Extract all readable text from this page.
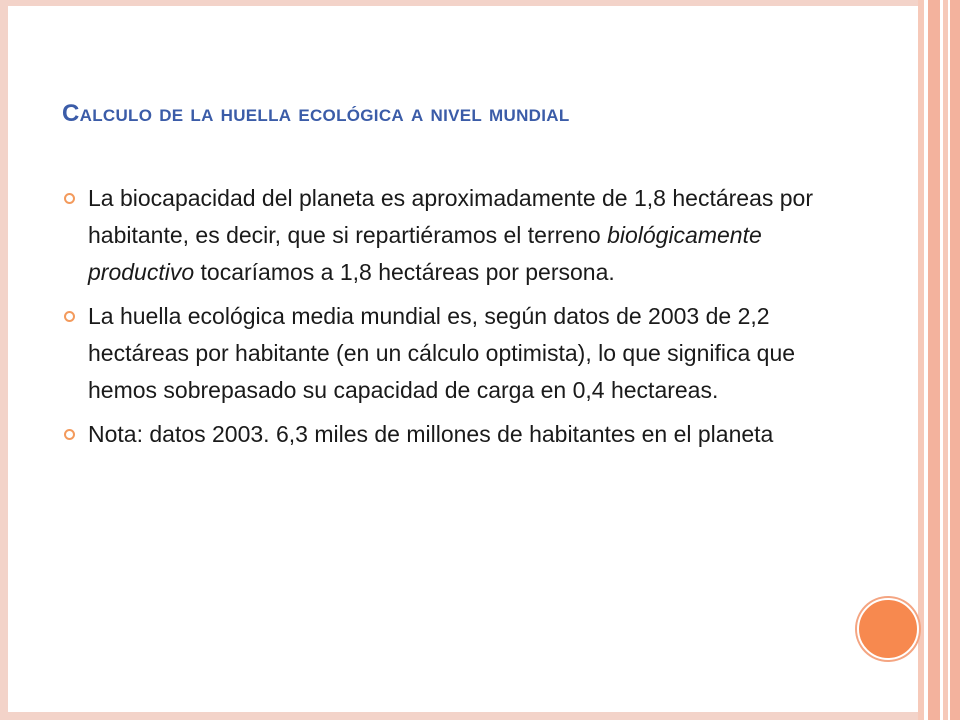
Calculo de la huella ecológica a nivel mundial
La biocapacidad del planeta es aproximadamente de 1,8 hectáreas por habitante, es decir, que si repartiéramos el terreno biológicamente productivo tocaríamos a 1,8 hectáreas por persona.
La huella ecológica media mundial es, según datos de 2003 de 2,2 hectáreas por habitante (en un cálculo optimista), lo que significa que hemos sobrepasado su capacidad de carga en 0,4 hectareas.
Nota: datos 2003. 6,3 miles de millones de habitantes en el planeta
